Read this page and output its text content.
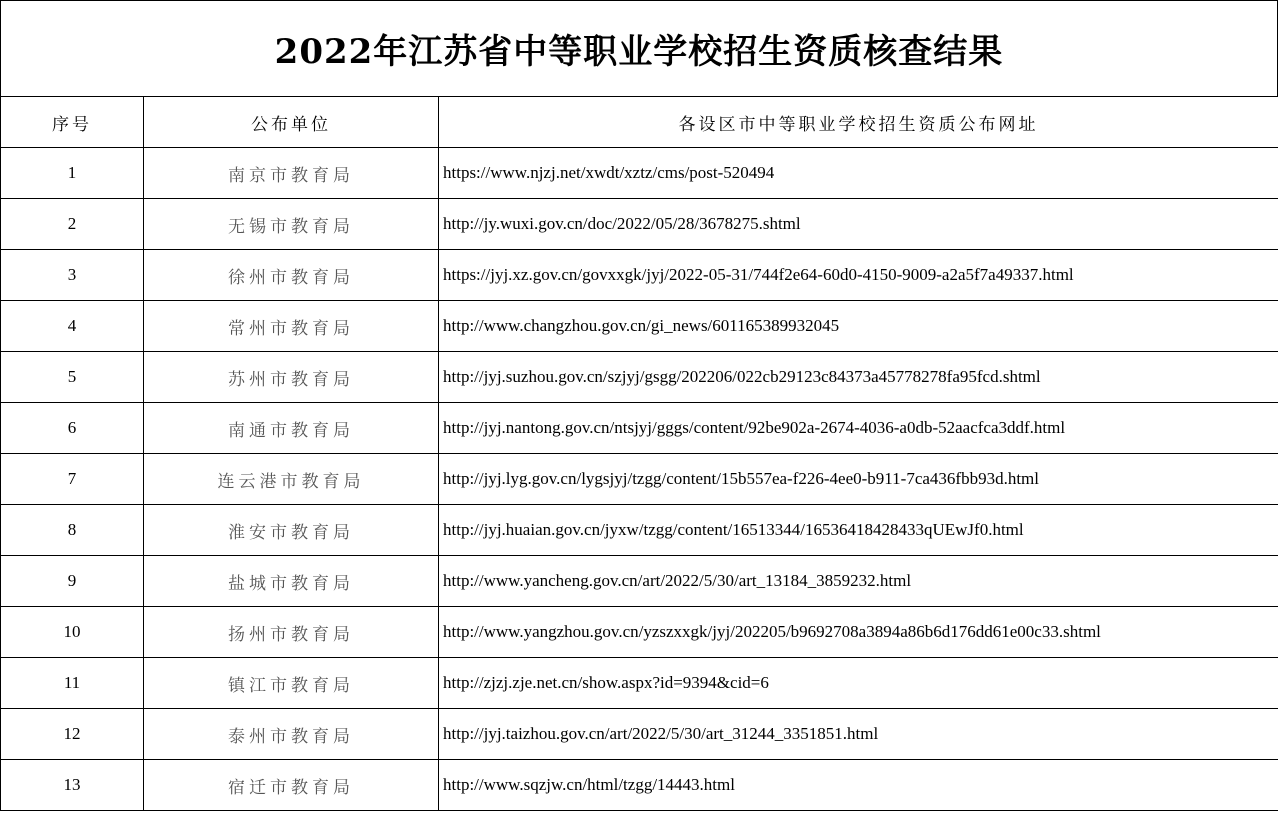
2022年江苏省中等职业学校招生资质核查结果
序号	公布单位	各设区市中等职业学校招生资质公布网址
1	南京市教育局	https://www.njzj.net/xwdt/xztz/cms/post-520494
2	无锡市教育局	http://jy.wuxi.gov.cn/doc/2022/05/28/3678275.shtml
3	徐州市教育局	https://jyj.xz.gov.cn/govxxgk/jyj/2022-05-31/744f2e64-60d0-4150-9009-a2a5f7a49337.html
4	常州市教育局	http://www.changzhou.gov.cn/gi_news/601165389932045
5	苏州市教育局	http://jyj.suzhou.gov.cn/szjyj/gsgg/202206/022cb29123c84373a45778278fa95fcd.shtml
6	南通市教育局	http://jyj.nantong.gov.cn/ntsjyj/gggs/content/92be902a-2674-4036-a0db-52aacfca3ddf.html
7	连云港市教育局	http://jyj.lyg.gov.cn/lygsjyj/tzgg/content/15b557ea-f226-4ee0-b911-7ca436fbb93d.html
8	淮安市教育局	http://jyj.huaian.gov.cn/jyxw/tzgg/content/16513344/16536418428433qUEwJf0.html
9	盐城市教育局	http://www.yancheng.gov.cn/art/2022/5/30/art_13184_3859232.html
10	扬州市教育局	http://www.yangzhou.gov.cn/yzszxxgk/jyj/202205/b9692708a3894a86b6d176dd61e00c33.shtml
11	镇江市教育局	http://zjzj.zje.net.cn/show.aspx?id=9394&cid=6
12	泰州市教育局	http://jyj.taizhou.gov.cn/art/2022/5/30/art_31244_3351851.html
13	宿迁市教育局	http://www.sqzjw.cn/html/tzgg/14443.html
